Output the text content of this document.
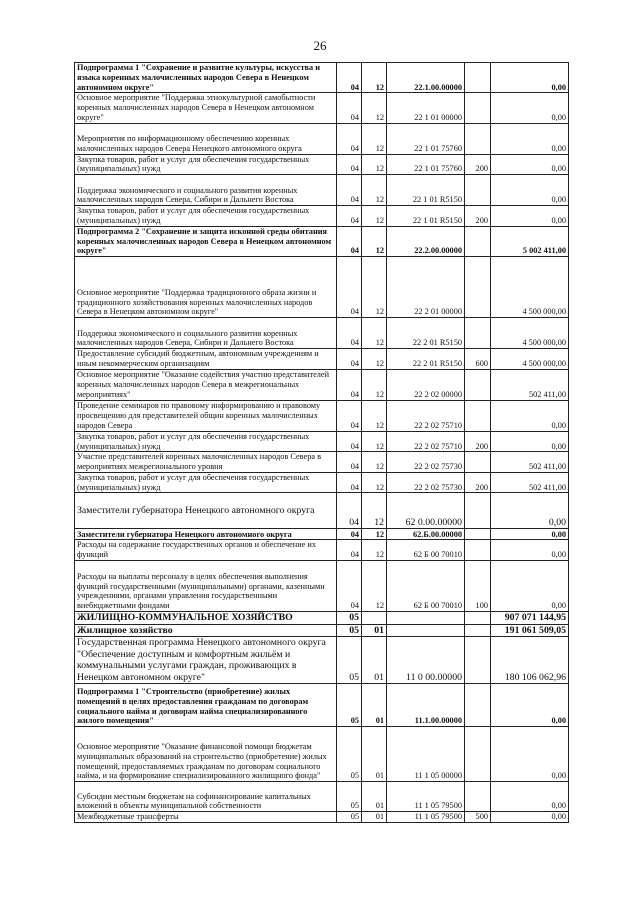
26
Подпрограмма 1 "Сохранение и развитие культуры, искусства и языка коренных малочисленных народов Севера в Ненецком автономном округе"	04	12	22.1.00.00000		0,00
Основное мероприятие "Поддержка этнокультурной самобытности коренных малочисленных народов Севера в Ненецком автономном округе"	04	12	22 1 01 00000		0,00
Мероприятия по информационному обеспечению коренных малочисленных народов Севера Ненецкого автономного округа	04	12	22 1 01 75760		0,00
Закупка товаров, работ и услуг для обеспечения государственных (муниципальных) нужд	04	12	22 1 01 75760	200	0,00
Поддержка экономического и социального развития коренных малочисленных народов Севера, Сибири и Дальнего Востока	04	12	22 1 01 R5150		0,00
Закупка товаров, работ и услуг для обеспечения государственных (муниципальных) нужд	04	12	22 1 01 R5150	200	0,00
Подпрограмма 2 "Сохранение и защита исконной среды обитания коренных малочисленных народов Севера в Ненецком автономном округе"	04	12	22.2.00.00000		5 002 411,00
Основное мероприятие "Поддержка традиционного образа жизни и традиционного хозяйствования коренных малочисленных народов Севера в Ненецком автономном округе"	04	12	22 2 01 00000		4 500 000,00
Поддержка экономического и социального развития коренных малочисленных народов Севера, Сибири и Дальнего Востока	04	12	22 2 01 R5150		4 500 000,00
Предоставление субсидий бюджетным, автономным учреждениям и иным некоммерческим организациям	04	12	22 2 01 R5150	600	4 500 000,00
Основное мероприятие "Оказание содействия участию представителей коренных малочисленных народов Севера в межрегиональных мероприятиях"	04	12	22 2 02 00000		502 411,00
Проведение семинаров по правовому информированию и правовому просвещению для представителей общин коренных малочисленных народов Севера	04	12	22 2 02 75710		0,00
Закупка товаров, работ и услуг для обеспечения государственных (муниципальных) нужд	04	12	22 2 02 75710	200	0,00
Участие представителей коренных малочисленных народов Севера в мероприятиях межрегионального уровня	04	12	22 2 02 75730		502 411,00
Закупка товаров, работ и услуг для обеспечения государственных (муниципальных) нужд	04	12	22 2 02 75730	200	502 411,00
Заместители губернатора Ненецкого автономного округа	04	12	62 0.00.00000		0,00
Заместители губернатора Ненецкого автономного округа	04	12	62.Б.00.00000		0,00
Расходы на содержание государственных органов и обеспечение их функций	04	12	62 Б 00 70010		0,00
Расходы на выплаты персоналу в целях обеспечения выполнения функций государственными (муниципальными) органами, казенными учреждениями, органами управления государственными внебюджетными фондами	04	12	62 Б 00 70010	100	0,00
ЖИЛИЩНО-КОММУНАЛЬНОЕ ХОЗЯЙСТВО	05				907 071 144,95
Жилищное хозяйство	05	01			191 061 509,05
Государственная программа Ненецкого автономного округа "Обеспечение доступным и комфортным жильём и коммунальными услугами граждан, проживающих в Ненецком автономном округе"	05	01	11 0 00.00000		180 106 062,96
Подпрограмма 1 "Строительство (приобретение) жилых помещений в целях предоставления гражданам по договорам социального найма и договорам найма специализированного жилого помещения"	05	01	11.1.00.00000		0,00
Основное мероприятие "Оказание финансовой помощи бюджетам муниципальных образований на строительство (приобретение) жилых помещений, предоставляемых гражданам по договорам социального найма, и на формирование специализированного жилищного фонда"	05	01	11 1 05 00000		0,00
Субсидии местным бюджетам на софинансирование капитальных вложений в объекты муниципальной собственности	05	01	11 1 05 79500		0,00
Межбюджетные трансферты	05	01	11 1 05 79500	500	0,00
